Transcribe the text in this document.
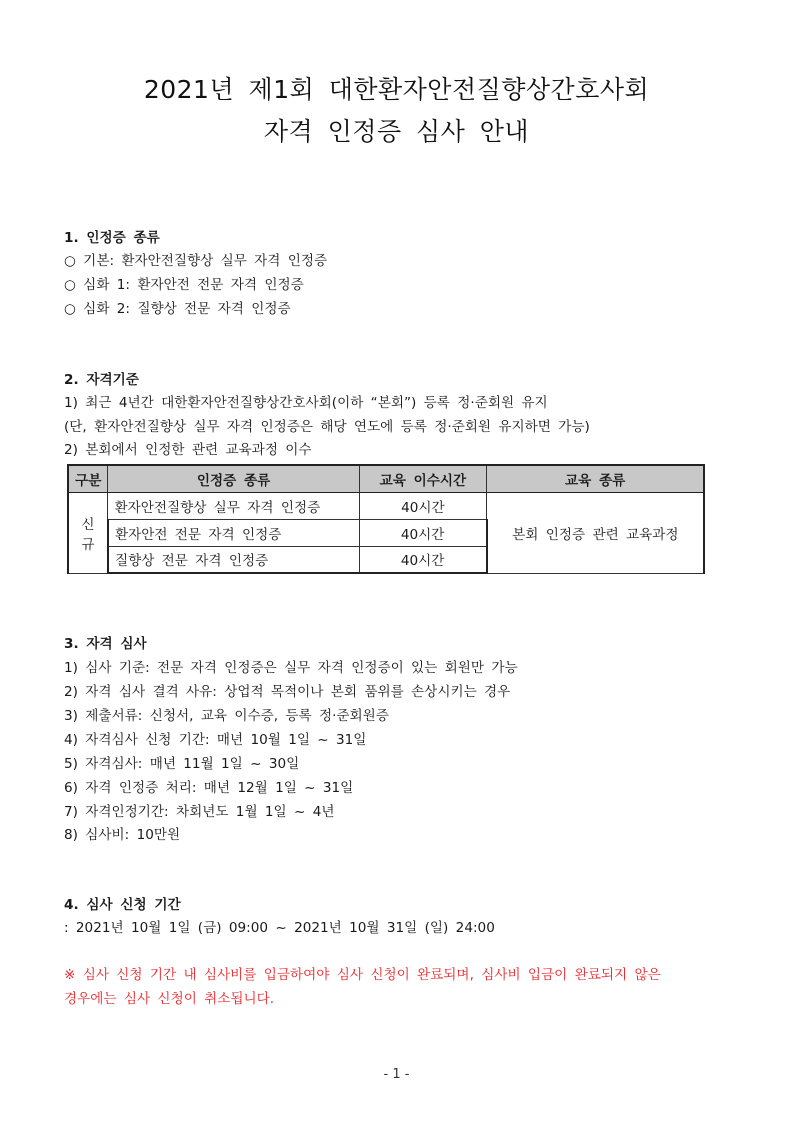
2021년 제1회 대한환자안전질향상간호사회
자격 인정증 심사 안내
1. 인정증 종류
○ 기본: 환자안전질향상 실무 자격 인정증
○ 심화 1: 환자안전 전문 자격 인정증
○ 심화 2: 질향상 전문 자격 인정증
2. 자격기준
1) 최근 4년간 대한환자안전질향상간호사회(이하 “본회”) 등록 정·준회원 유지
(단, 환자안전질향상 실무 자격 인정증은 해당 연도에 등록 정·준회원 유지하면 가능)
2) 본회에서 인정한 관련 교육과정 이수
구분	인정증 종류	교육 이수시간	교육 종류
신규	환자안전질향상 실무 자격 인정증	40시간	본회 인정증 관련 교육과정
	환자안전 전문 자격 인정증	40시간	
	질향상 전문 자격 인정증	40시간	
3. 자격 심사
1) 심사 기준: 전문 자격 인정증은 실무 자격 인정증이 있는 회원만 가능
2) 자격 심사 결격 사유: 상업적 목적이나 본회 품위를 손상시키는 경우
3) 제출서류: 신청서, 교육 이수증, 등록 정·준회원증
4) 자격심사 신청 기간: 매년 10월 1일 ~ 31일
5) 자격심사: 매년 11월 1일 ~ 30일
6) 자격 인정증 처리: 매년 12월 1일 ~ 31일
7) 자격인정기간: 차회년도 1월 1일 ~ 4년
8) 심사비: 10만원
4. 심사 신청 기간
: 2021년 10월 1일 (금) 09:00 ~ 2021년 10월 31일 (일) 24:00
※ 심사 신청 기간 내 심사비를 입금하여야 심사 신청이 완료되며, 심사비 입금이 완료되지 않은
경우에는 심사 신청이 취소됩니다.
- 1 -
